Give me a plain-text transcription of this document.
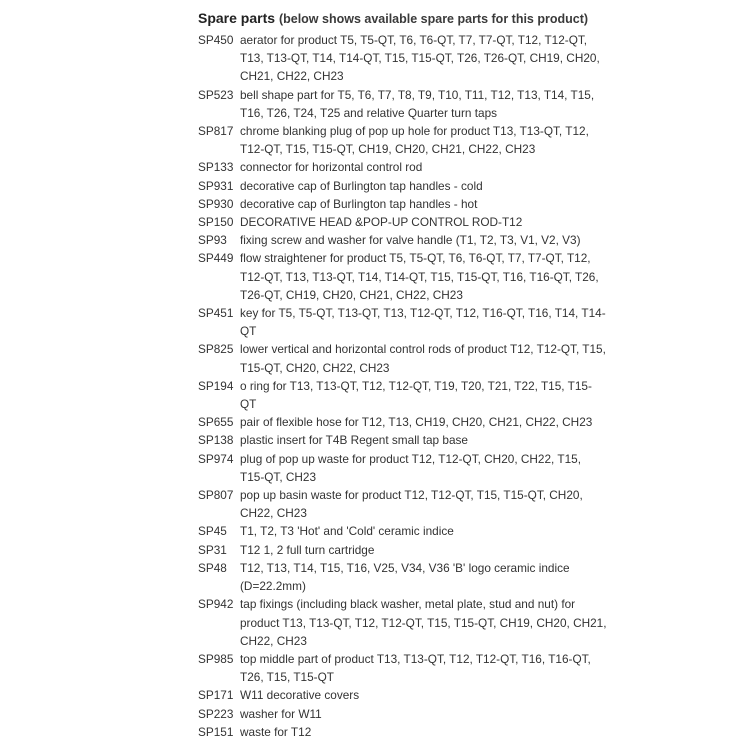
Spare parts (below shows available spare parts for this product)
SP450 aerator for product T5, T5-QT, T6, T6-QT, T7, T7-QT, T12, T12-QT, T13, T13-QT, T14, T14-QT, T15, T15-QT, T26, T26-QT, CH19, CH20, CH21, CH22, CH23
SP523 bell shape part for T5, T6, T7, T8, T9, T10, T11, T12, T13, T14, T15, T16, T26, T24, T25 and relative Quarter turn taps
SP817 chrome blanking plug of pop up hole for product T13, T13-QT, T12, T12-QT, T15, T15-QT, CH19, CH20, CH21, CH22, CH23
SP133 connector for horizontal control rod
SP931 decorative cap of Burlington tap handles - cold
SP930 decorative cap of Burlington tap handles - hot
SP150 DECORATIVE HEAD &POP-UP CONTROL ROD-T12
SP93	fixing screw and washer for valve handle (T1, T2, T3, V1, V2, V3)
SP449 flow straightener for product T5, T5-QT, T6, T6-QT, T7, T7-QT, T12, T12-QT, T13, T13-QT, T14, T14-QT, T15, T15-QT, T16, T16-QT, T26, T26-QT, CH19, CH20, CH21, CH22, CH23
SP451 key for T5, T5-QT, T13-QT, T13, T12-QT, T12, T16-QT, T16, T14, T14-QT
SP825 lower vertical and horizontal control rods of product T12, T12-QT, T15, T15-QT, CH20, CH22, CH23
SP194 o ring for T13, T13-QT, T12, T12-QT, T19, T20, T21, T22, T15, T15-QT
SP655 pair of flexible hose for T12, T13, CH19, CH20, CH21, CH22, CH23
SP138 plastic insert for T4B Regent small tap base
SP974 plug of pop up waste for product T12, T12-QT, CH20, CH22, T15, T15-QT, CH23
SP807 pop up basin waste for product T12, T12-QT, T15, T15-QT, CH20, CH22, CH23
SP45	T1, T2, T3 'Hot' and 'Cold' ceramic indice
SP31	T12 1, 2 full turn cartridge
SP48	T12, T13, T14, T15, T16, V25, V34, V36 'B' logo ceramic indice (D=22.2mm)
SP942 tap fixings (including black washer, metal plate, stud and nut) for product T13, T13-QT, T12, T12-QT, T15, T15-QT, CH19, CH20, CH21, CH22, CH23
SP985 top middle part of product T13, T13-QT, T12, T12-QT, T16, T16-QT, T26, T15, T15-QT
SP171 W11 decorative covers
SP223 washer for W11
SP151 waste for T12
